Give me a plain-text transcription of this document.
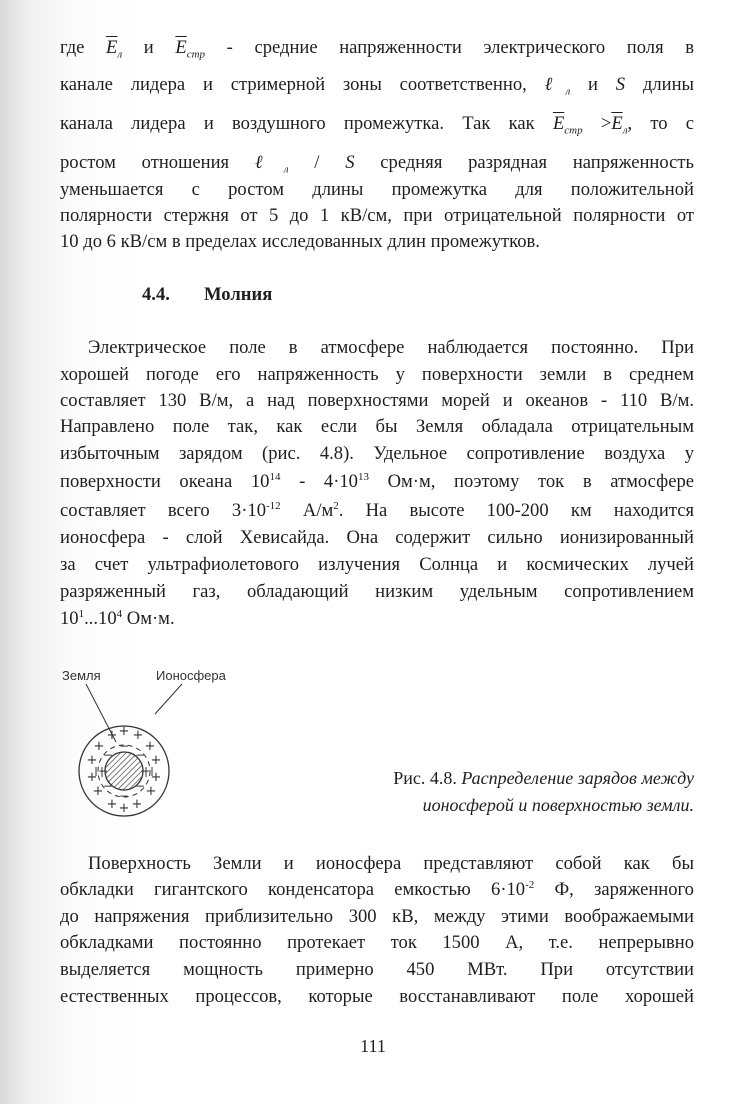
где $\overline{E}_л$ и $\overline{E}_{стр}$ - средние напряженности электрического поля в
канале лидера и стримерной зоны соответственно, ℓ$_л$ и S длины
канала лидера и воздушного промежутка. Так как $\overline{E}_{стр} >\overline{E}_л$, то с
ростом отношения ℓ$_л$ / S средняя разрядная напряженность
уменьшается с ростом длины промежутка для положительной
полярности стержня от 5 до 1 кВ/см, при отрицательной полярности от
10 до 6 кВ/см в пределах исследованных длин промежутков.
4.4. Молния
Электрическое поле в атмосфере наблюдается постоянно. При
хорошей погоде его напряженность у поверхности земли в среднем
составляет 130 В/м, а над поверхностями морей и океанов - 110 В/м.
Направлено поле так, как если бы Земля обладала отрицательным
избыточным зарядом (рис. 4.8). Удельное сопротивление воздуха у
поверхности океана $10^{14} - 4\cdot 10^{13}$ Ом·м, поэтому ток в атмосфере
составляет всего $3\cdot 10^{-12}$ $А/м^2$. На высоте 100-200 км находится
ионосфера - слой Хевисайда. Она содержит сильно ионизированный
за счет ультрафиолетового излучения Солнца и космических лучей
разряженный газ, обладающий низким удельным сопротивлением
$10^1...10^4$ Ом·м.
Земля	Ионосфера
+ + +
+	+
+	+
+	+
+	+
+ + +
−
−
−	−
− −
− −	Рис. 4.8. Распределение зарядов между
ионосферой и поверхностью земли.
Поверхность Земли и ионосфера представляют собой как бы
обкладки гигантского конденсатора емкостью $6\cdot 10^{-2}$ Ф, заряженного
до напряжения приблизительно 300 кВ, между этими воображаемыми
обкладками постоянно протекает ток 1500 А, т.е. непрерывно
выделяется мощность примерно 450 МВт. При отсутствии
естественных процессов, которые восстанавливают поле хорошей
111
